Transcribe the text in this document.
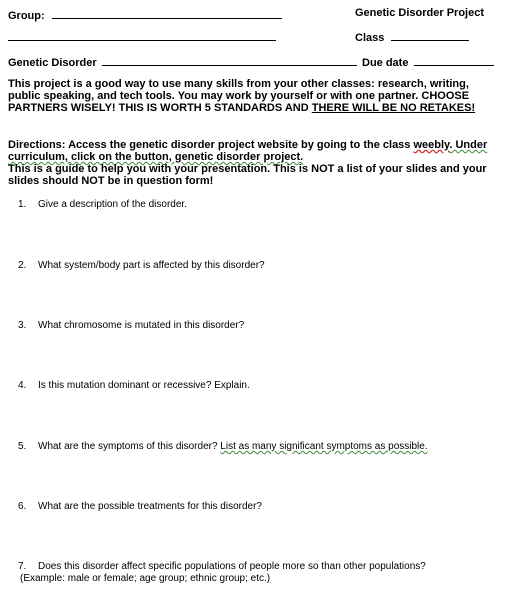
Group:	Genetic Disorder Project
Class
Genetic Disorder	Due date
This project is a good way to use many skills from your other classes: research, writing, public speaking, and tech tools. You may work by yourself or with one partner. CHOOSE PARTNERS WISELY! THIS IS WORTH 5 STANDARDS AND THERE WILL BE NO RETAKES!
Directions: Access the genetic disorder project website by going to the class weebly. Under curriculum, click on the button, genetic disorder project.
This is a guide to help you with your presentation. This is NOT a list of your slides and your slides should NOT be in question form!
1. Give a description of the disorder.
2. What system/body part is affected by this disorder?
3. What chromosome is mutated in this disorder?
4. Is this mutation dominant or recessive? Explain.
5. What are the symptoms of this disorder? List as many significant symptoms as possible.
6. What are the possible treatments for this disorder?
7. Does this disorder affect specific populations of people more so than other populations?
(Example: male or female; age group; ethnic group; etc.)
